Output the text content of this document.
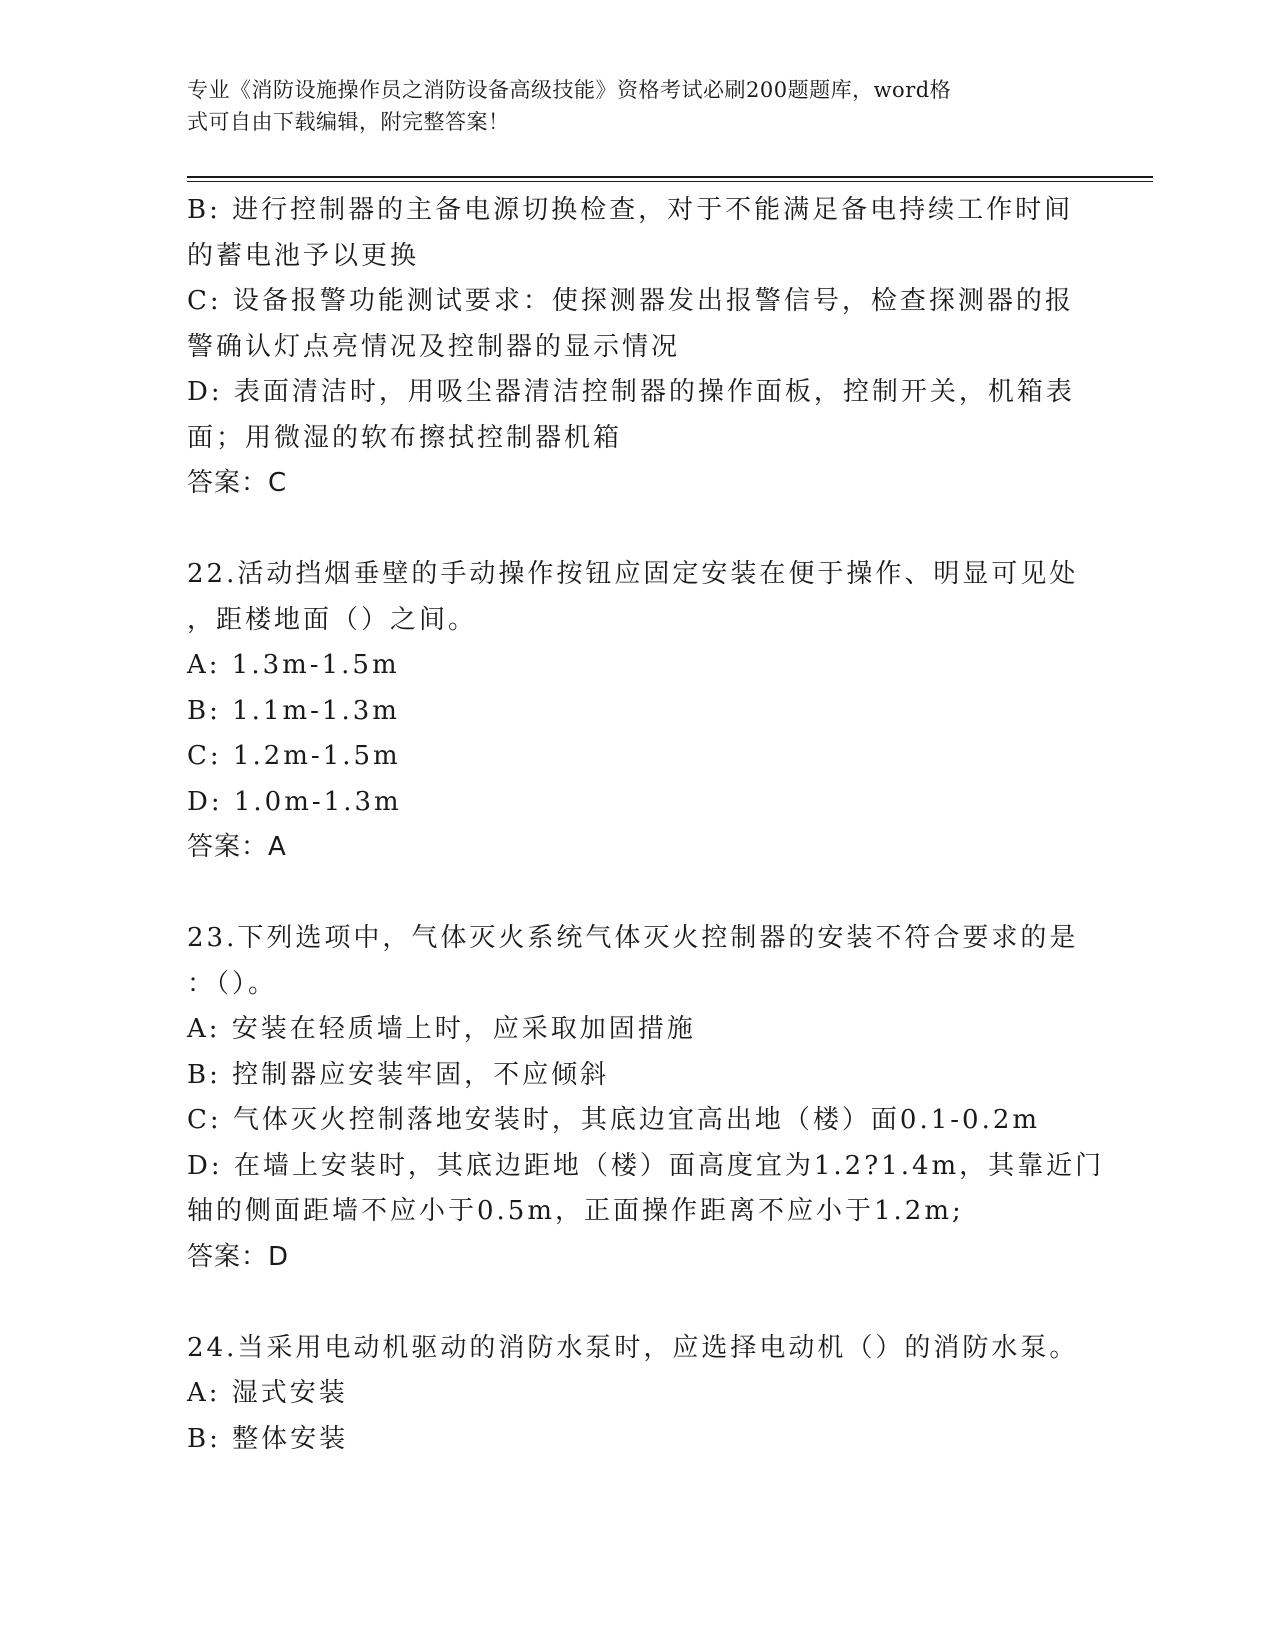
专业《消防设施操作员之消防设备高级技能》资格考试必刷200题题库，word格
式可自由下载编辑，附完整答案！
B: 进行控制器的主备电源切换检查，对于不能满足备电持续工作时间
的蓄电池予以更换
C: 设备报警功能测试要求：使探测器发出报警信号，检查探测器的报
警确认灯点亮情况及控制器的显示情况
D: 表面清洁时，用吸尘器清洁控制器的操作面板，控制开关，机箱表
面；用微湿的软布擦拭控制器机箱
答案：C
22.活动挡烟垂壁的手动操作按钮应固定安装在便于操作、明显可见处
，距楼地面（）之间。
A: 1.3m-1.5m
B: 1.1m-1.3m
C: 1.2m-1.5m
D: 1.0m-1.3m
答案：A
23.下列选项中，气体灭火系统气体灭火控制器的安装不符合要求的是
：（）。
A: 安装在轻质墙上时，应采取加固措施
B: 控制器应安装牢固，不应倾斜
C: 气体灭火控制落地安装时，其底边宜高出地（楼）面0.1-0.2m
D: 在墙上安装时，其底边距地（楼）面高度宜为1.2?1.4m，其靠近门
轴的侧面距墙不应小于0.5m，正面操作距离不应小于1.2m;
答案：D
24.当采用电动机驱动的消防水泵时，应选择电动机（）的消防水泵。
A: 湿式安装
B: 整体安装
